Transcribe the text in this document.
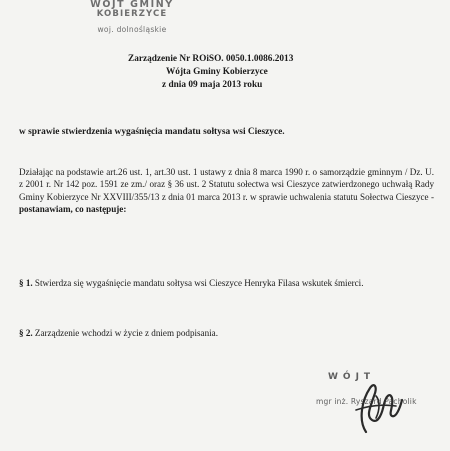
WÓJT GMINY
KOBIERZYCE
woj. dolnośląskie
Zarządzenie Nr ROiSO. 0050.1.0086.2013
Wójta Gminy Kobierzyce
z dnia 09 maja 2013 roku
w sprawie stwierdzenia wygaśnięcia mandatu sołtysa wsi Cieszyce.
Działając na podstawie art.26 ust. 1, art.30 ust. 1 ustawy z dnia 8 marca 1990 r. o samorządzie gminnym / Dz. U. z 2001 r. Nr 142 poz. 1591 ze zm./ oraz § 36 ust. 2 Statutu sołectwa wsi Cieszyce zatwierdzonego uchwałą Rady Gminy Kobierzyce Nr XXVIII/355/13 z dnia 01 marca 2013 r. w sprawie uchwalenia statutu Sołectwa Cieszyce - postanawiam, co następuje:
§ 1. Stwierdza się wygaśnięcie mandatu sołtysa wsi Cieszyce Henryka Filasa wskutek śmierci.
§ 2. Zarządzenie wchodzi w życie z dniem podpisania.
WÓJT
mgr inż. Ryszard Pacholik
